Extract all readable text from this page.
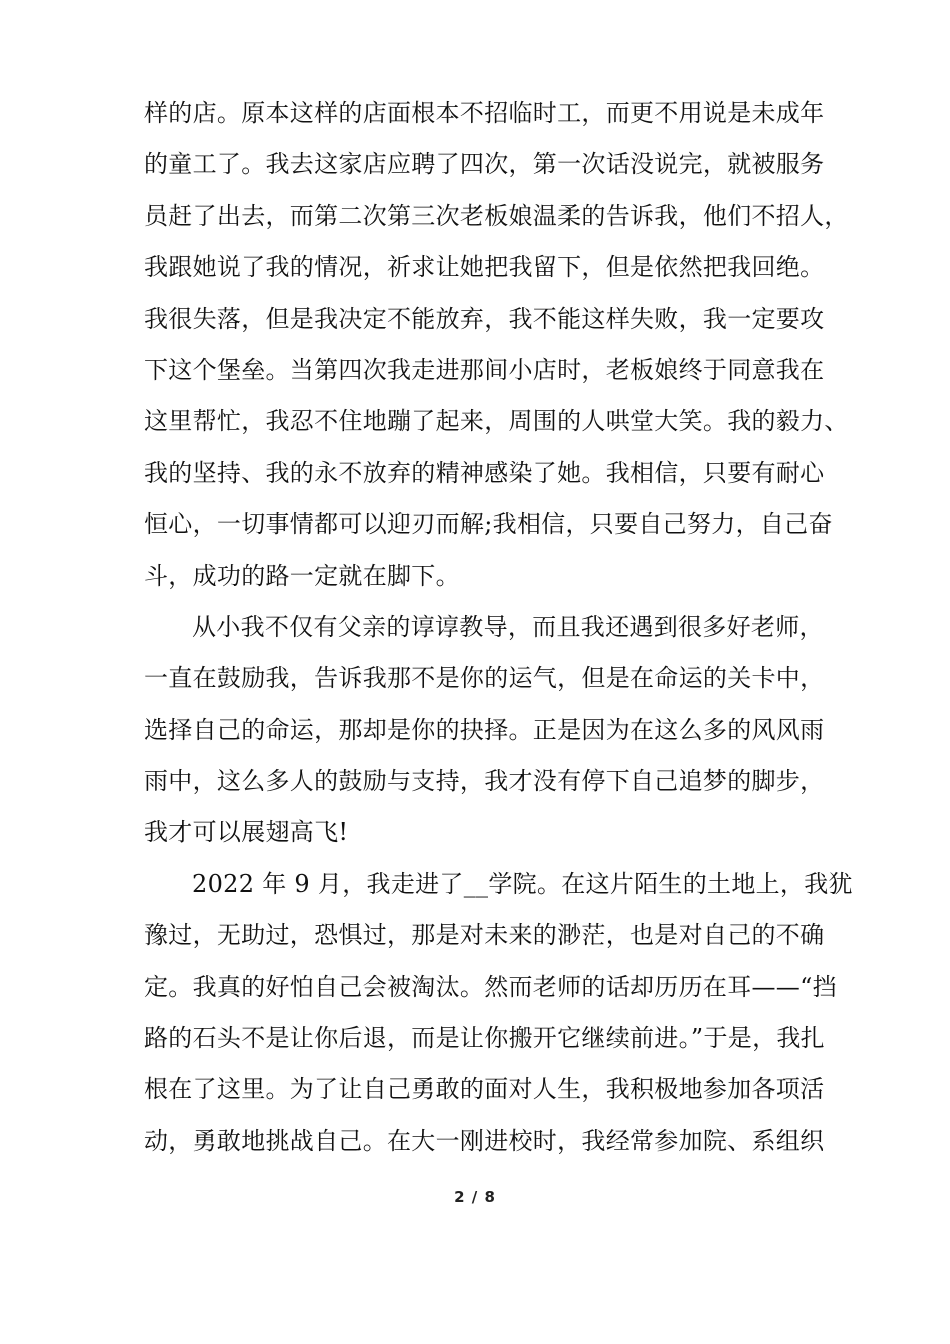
样的店。原本这样的店面根本不招临时工，而更不用说是未成年
的童工了。我去这家店应聘了四次，第一次话没说完，就被服务
员赶了出去，而第二次第三次老板娘温柔的告诉我，他们不招人，
我跟她说了我的情况，祈求让她把我留下，但是依然把我回绝。
我很失落，但是我决定不能放弃，我不能这样失败，我一定要攻
下这个堡垒。当第四次我走进那间小店时，老板娘终于同意我在
这里帮忙，我忍不住地蹦了起来，周围的人哄堂大笑。我的毅力、
我的坚持、我的永不放弃的精神感染了她。我相信，只要有耐心
恒心，一切事情都可以迎刃而解;我相信，只要自己努力，自己奋
斗，成功的路一定就在脚下。
从小我不仅有父亲的谆谆教导，而且我还遇到很多好老师，
一直在鼓励我，告诉我那不是你的运气，但是在命运的关卡中，
选择自己的命运，那却是你的抉择。正是因为在这么多的风风雨
雨中，这么多人的鼓励与支持，我才没有停下自己追梦的脚步，
我才可以展翅高飞!
2022 年 9 月，我走进了__学院。在这片陌生的土地上，我犹
豫过，无助过，恐惧过，那是对未来的渺茫，也是对自己的不确
定。我真的好怕自己会被淘汰。然而老师的话却历历在耳——“挡
路的石头不是让你后退，而是让你搬开它继续前进。”于是，我扎
根在了这里。为了让自己勇敢的面对人生，我积极地参加各项活
动，勇敢地挑战自己。在大一刚进校时，我经常参加院、系组织
2 / 8
